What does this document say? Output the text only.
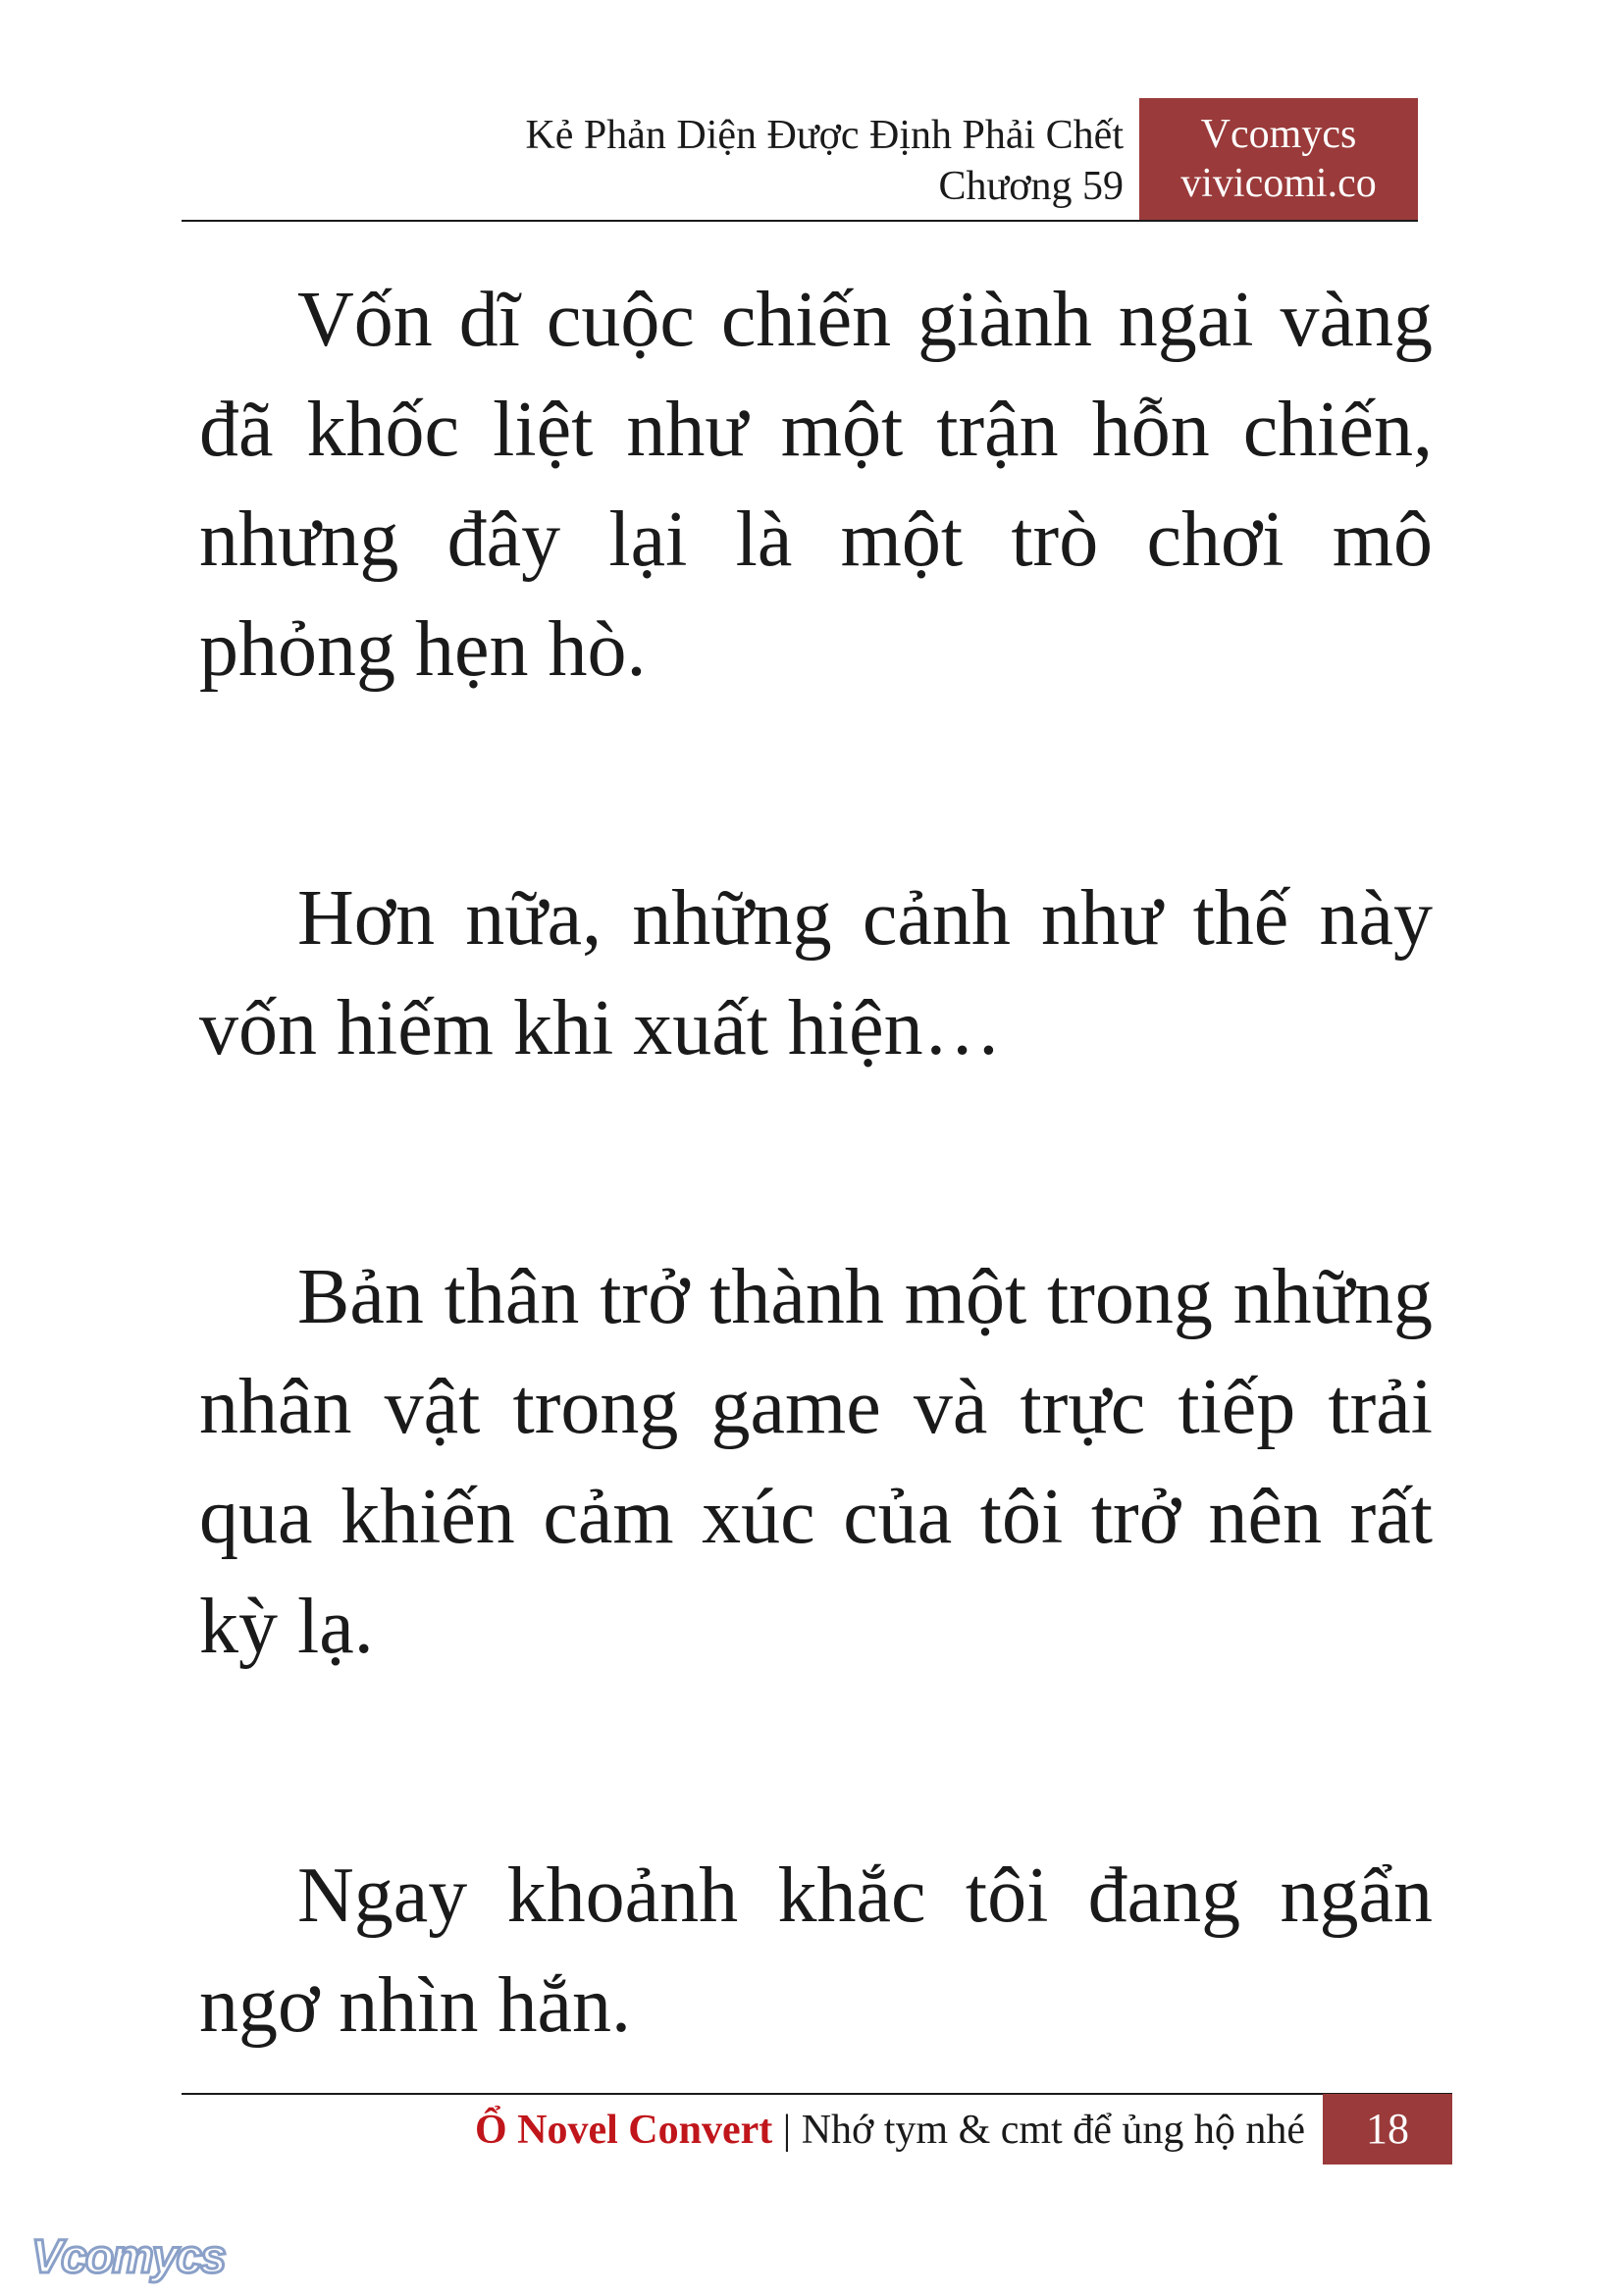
Kẻ Phản Diện Được Định Phải Chết
Chương 59
Vcomycs
vivicomi.co

Vốn dĩ cuộc chiến giành ngai vàng đã khốc liệt như một trận hỗn chiến, nhưng đây lại là một trò chơi mô phỏng hẹn hò.

Hơn nữa, những cảnh như thế này vốn hiếm khi xuất hiện…

Bản thân trở thành một trong những nhân vật trong game và trực tiếp trải qua khiến cảm xúc của tôi trở nên rất kỳ lạ.

Ngay khoảnh khắc tôi đang ngẩn ngơ nhìn hắn.

Ổ Novel Convert | Nhớ tym & cmt để ủng hộ nhé	18
Vcomycs
